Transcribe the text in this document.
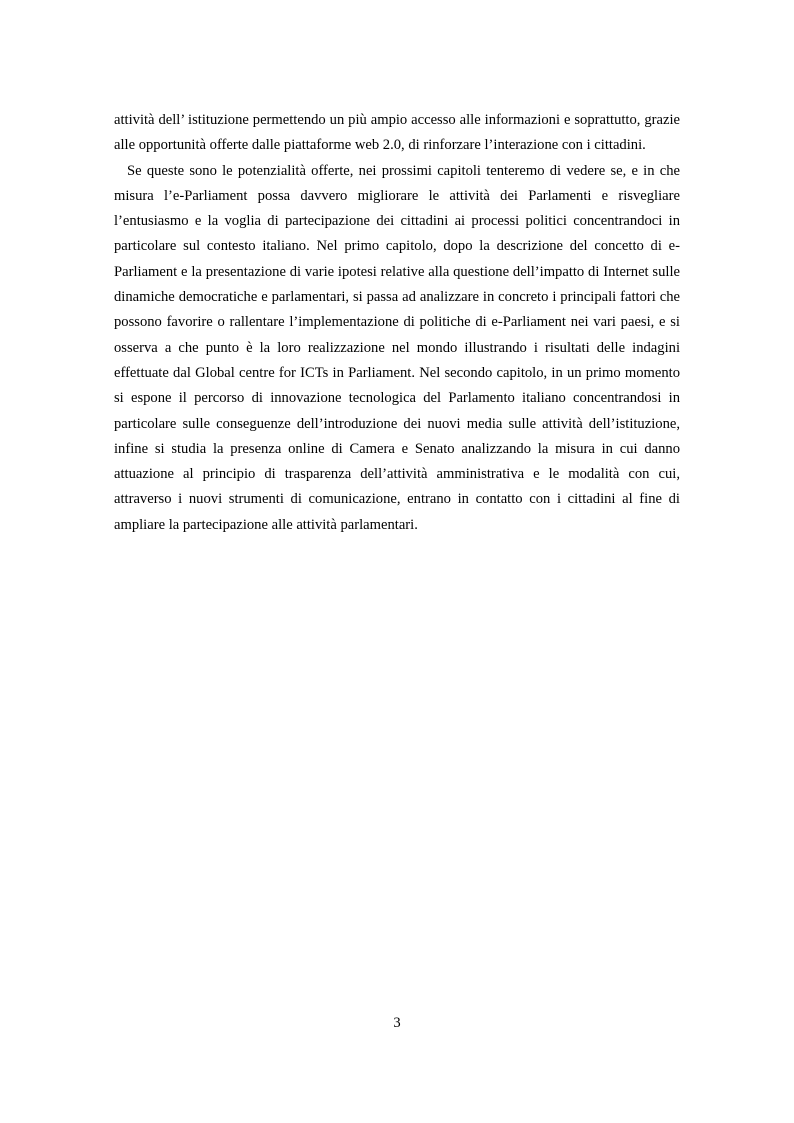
attività dell’ istituzione permettendo un più ampio accesso alle informazioni e soprattutto, grazie
alle opportunità offerte dalle piattaforme web 2.0, di rinforzare l’interazione con i cittadini.
Se queste sono le potenzialità offerte, nei prossimi capitoli tenteremo di vedere se, e in che
misura l’e-Parliament possa davvero migliorare le attività dei Parlamenti e risvegliare
l’entusiasmo e la voglia di partecipazione dei cittadini ai processi politici concentrandoci in
particolare sul contesto italiano. Nel primo capitolo, dopo la descrizione del concetto di e-
Parliament e la presentazione di varie ipotesi relative alla questione dell’impatto di Internet sulle
dinamiche democratiche e parlamentari, si passa ad analizzare in concreto i principali fattori che
possono favorire o rallentare l’implementazione di politiche di e-Parliament nei vari paesi, e si
osserva a che punto è la loro realizzazione nel mondo illustrando i risultati delle indagini
effettuate dal Global centre for ICTs in Parliament. Nel secondo capitolo, in un primo momento
si espone il percorso di innovazione tecnologica del Parlamento italiano concentrandosi in
particolare sulle conseguenze dell’introduzione dei nuovi media sulle attività dell’istituzione,
infine si studia la presenza online di Camera e Senato analizzando la misura in cui danno
attuazione al principio di trasparenza dell’attività amministrativa e le modalità con cui,
attraverso i nuovi strumenti di comunicazione, entrano in contatto con i cittadini al fine di
ampliare la partecipazione alle attività parlamentari.
3
